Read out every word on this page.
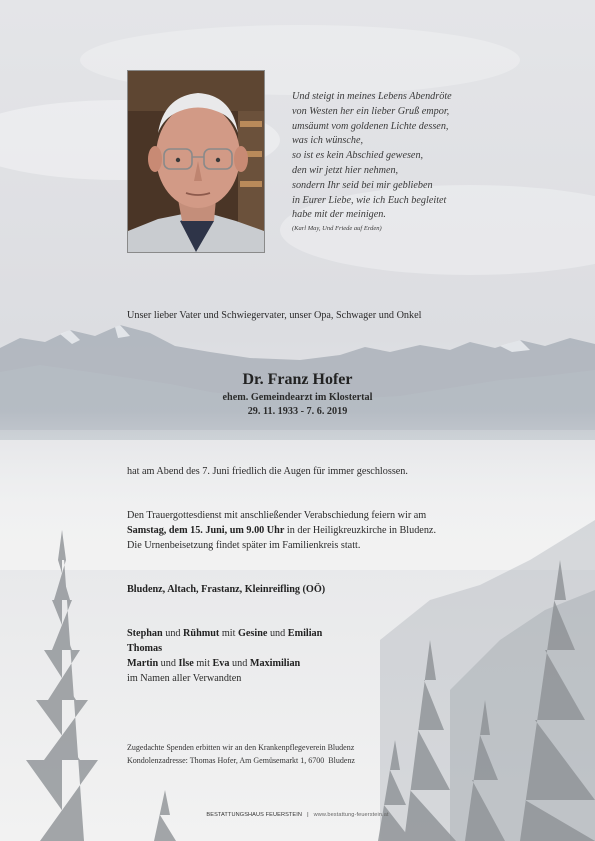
Und steigt in meines Lebens Abendröte
von Westen her ein lieber Gruß empor,
umsäumt vom goldenen Lichte dessen,
was ich wünsche,
so ist es kein Abschied gewesen,
den wir jetzt hier nehmen,
sondern Ihr seid bei mir geblieben
in Eurer Liebe, wie ich Euch begleitet
habe mit der meinigen.
(Karl May, Und Friede auf Erden)
Unser lieber Vater und Schwiegervater, unser Opa, Schwager und Onkel
Dr. Franz Hofer
ehem. Gemeindearzt im Klostertal
29. 11. 1933 - 7. 6. 2019
hat am Abend des 7. Juni friedlich die Augen für immer geschlossen.
Den Trauergottesdienst mit anschließender Verabschiedung feiern wir am
Samstag, dem 15. Juni, um 9.00 Uhr in der Heiligkreuzkirche in Bludenz.
Die Urnenbeisetzung findet später im Familienkreis statt.
Bludenz, Altach, Frastanz, Kleinreifling (OÖ)
Stephan und Rühmut mit Gesine und Emilian
Thomas
Martin und Ilse mit Eva und Maximilian
im Namen aller Verwandten
Zugedachte Spenden erbitten wir an den Krankenpflegeverein Bludenz
Kondolenzadresse: Thomas Hofer, Am Gemüsemarkt 1, 6700  Bludenz
BESTATTUNGSHAUS FEUERSTEIN | www.bestattung-feuerstein.at
